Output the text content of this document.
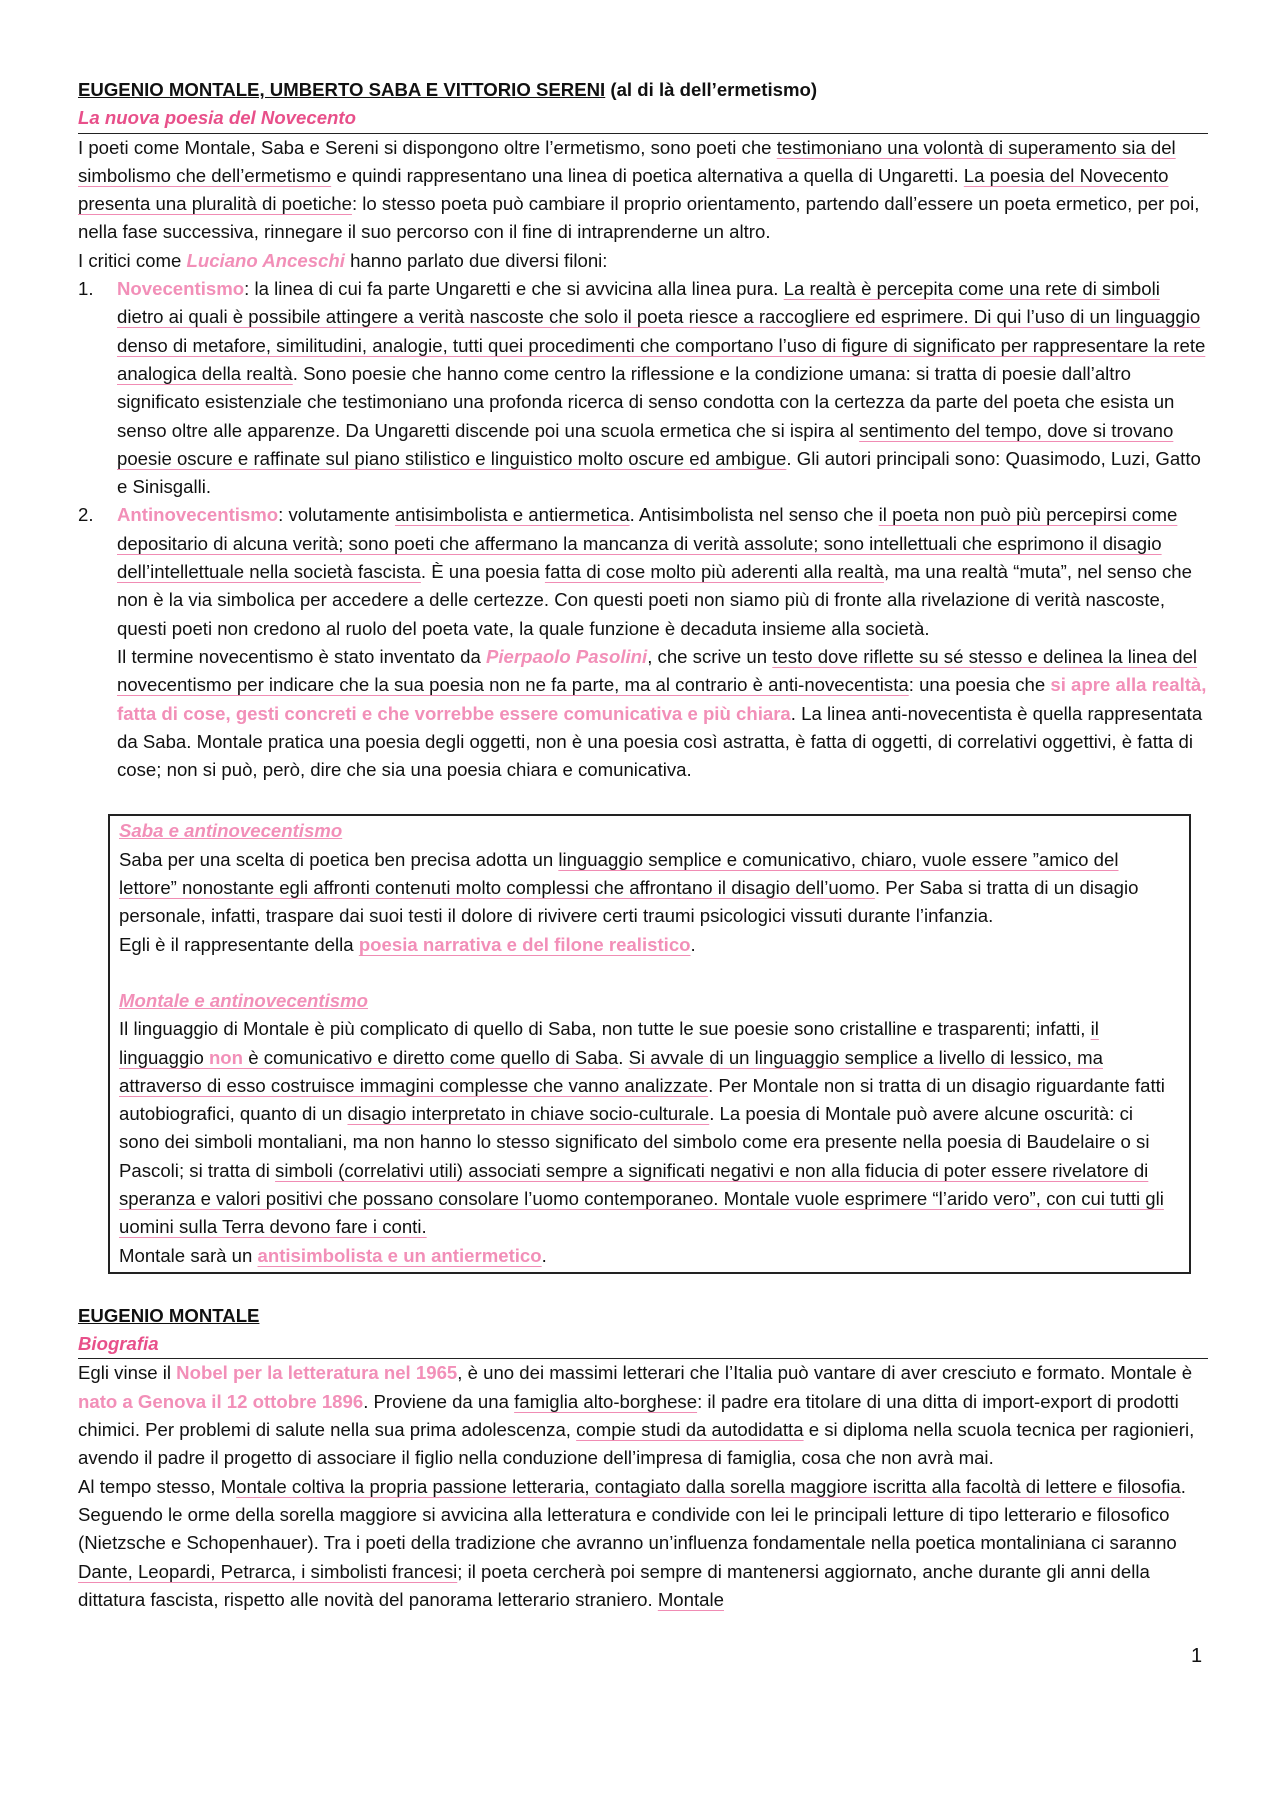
EUGENIO MONTALE, UMBERTO SABA E VITTORIO SERENI (al di là dell’ermetismo)
La nuova poesia del Novecento

I poeti come Montale, Saba e Sereni si dispongono oltre l’ermetismo, sono poeti che testimoniano una volontà di superamento sia del simbolismo che dell’ermetismo e quindi rappresentano una linea di poetica alternativa a quella di Ungaretti. La poesia del Novecento presenta una pluralità di poetiche: lo stesso poeta può cambiare il proprio orientamento, partendo dall’essere un poeta ermetico, per poi, nella fase successiva, rinnegare il suo percorso con il fine di intraprenderne un altro.

I critici come Luciano Anceschi hanno parlato due diversi filoni:

1. Novecentismo: la linea di cui fa parte Ungaretti e che si avvicina alla linea pura. La realtà è percepita come una rete di simboli dietro ai quali è possibile attingere a verità nascoste che solo il poeta riesce a raccogliere ed esprimere. Di qui l’uso di un linguaggio denso di metafore, similitudini, analogie, tutti quei procedimenti che comportano l’uso di figure di significato per rappresentare la rete analogica della realtà. Sono poesie che hanno come centro la riflessione e la condizione umana: si tratta di poesie dall’altro significato esistenziale che testimoniano una profonda ricerca di senso condotta con la certezza da parte del poeta che esista un senso oltre alle apparenze. Da Ungaretti discende poi una scuola ermetica che si ispira al sentimento del tempo, dove si trovano poesie oscure e raffinate sul piano stilistico e linguistico molto oscure ed ambigue. Gli autori principali sono: Quasimodo, Luzi, Gatto e Sinisgalli.
2. Antinovecentismo: volutamente antisimbolista e antiermetica. Antisimbolista nel senso che il poeta non può più percepirsi come depositario di alcuna verità; sono poeti che affermano la mancanza di verità assolute; sono intellettuali che esprimono il disagio dell’intellettuale nella società fascista. È una poesia fatta di cose molto più aderenti alla realtà, ma una realtà “muta”, nel senso che non è la via simbolica per accedere a delle certezze. Con questi poeti non siamo più di fronte alla rivelazione di verità nascoste, questi poeti non credono al ruolo del poeta vate, la quale funzione è decaduta insieme alla società.

Il termine novecentismo è stato inventato da Pierpaolo Pasolini, che scrive un testo dove riflette su sé stesso e delinea la linea del novecentismo per indicare che la sua poesia non ne fa parte, ma al contrario è anti-novecentista: una poesia che si apre alla realtà, fatta di cose, gesti concreti e che vorrebbe essere comunicativa e più chiara. La linea anti-novecentista è quella rappresentata da Saba. Montale pratica una poesia degli oggetti, non è una poesia così astratta, è fatta di oggetti, di correlativi oggettivi, è fatta di cose; non si può, però, dire che sia una poesia chiara e comunicativa.

Saba e antinovecentismo

Saba per una scelta di poetica ben precisa adotta un linguaggio semplice e comunicativo, chiaro, vuole essere ”amico del lettore” nonostante egli affronti contenuti molto complessi che affrontano il disagio dell’uomo. Per Saba si tratta di un disagio personale, infatti, traspare dai suoi testi il dolore di rivivere certi traumi psicologici vissuti durante l’infanzia.

Egli è il rappresentante della poesia narrativa e del filone realistico.

Montale e antinovecentismo

Il linguaggio di Montale è più complicato di quello di Saba, non tutte le sue poesie sono cristalline e trasparenti; infatti, il linguaggio non è comunicativo e diretto come quello di Saba. Si avvale di un linguaggio semplice a livello di lessico, ma attraverso di esso costruisce immagini complesse che vanno analizzate. Per Montale non si tratta di un disagio riguardante fatti autobiografici, quanto di un disagio interpretato in chiave socio-culturale. La poesia di Montale può avere alcune oscurità: ci sono dei simboli montaliani, ma non hanno lo stesso significato del simbolo come era presente nella poesia di Baudelaire o si Pascoli; si tratta di simboli (correlativi utili) associati sempre a significati negativi e non alla fiducia di poter essere rivelatore di speranza e valori positivi che possano consolare l’uomo contemporaneo. Montale vuole esprimere “l’arido vero”, con cui tutti gli uomini sulla Terra devono fare i conti.

Montale sarà un antisimbolista e un antiermetico.

EUGENIO MONTALE
Biografia

Egli vinse il Nobel per la letteratura nel 1965, è uno dei massimi letterari che l’Italia può vantare di aver cresciuto e formato. Montale è nato a Genova il 12 ottobre 1896. Proviene da una famiglia alto-borghese: il padre era titolare di una ditta di import-export di prodotti chimici. Per problemi di salute nella sua prima adolescenza, compie studi da autodidatta e si diploma nella scuola tecnica per ragionieri, avendo il padre il progetto di associare il figlio nella conduzione dell’impresa di famiglia, cosa che non avrà mai.

Al tempo stesso, Montale coltiva la propria passione letteraria, contagiato dalla sorella maggiore iscritta alla facoltà di lettere e filosofia. Seguendo le orme della sorella maggiore si avvicina alla letteratura e condivide con lei le principali letture di tipo letterario e filosofico (Nietzsche e Schopenhauer). Tra i poeti della tradizione che avranno un’influenza fondamentale nella poetica montaliniana ci saranno Dante, Leopardi, Petrarca, i simbolisti francesi; il poeta cercherà poi sempre di mantenersi aggiornato, anche durante gli anni della dittatura fascista, rispetto alle novità del panorama letterario straniero. Montale

1
